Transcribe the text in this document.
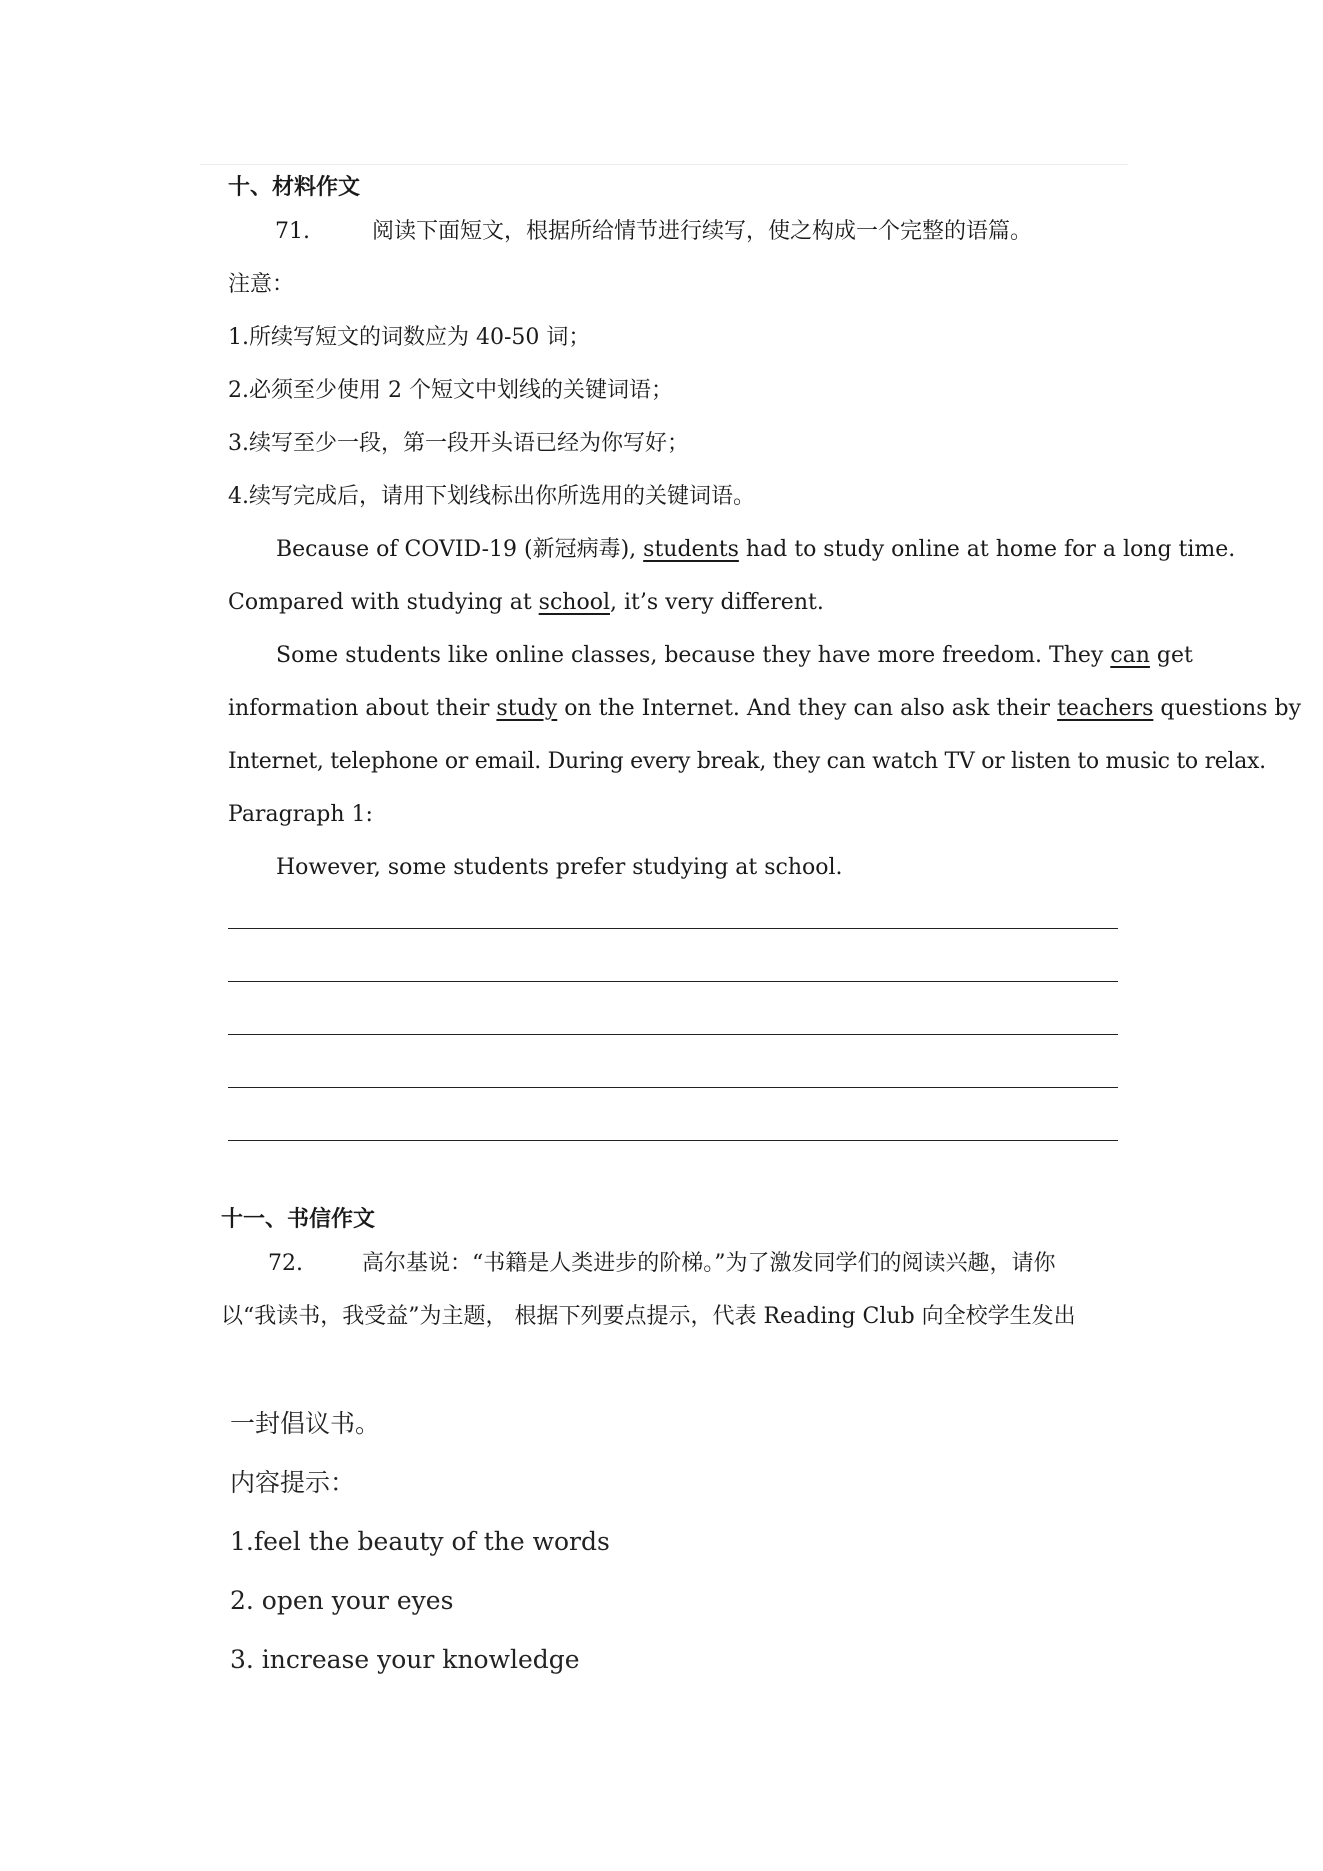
十、材料作文
71.	阅读下面短文，根据所给情节进行续写，使之构成一个完整的语篇。
注意：
1.所续写短文的词数应为 40-50 词；
2.必须至少使用 2 个短文中划线的关键词语；
3.续写至少一段，第一段开头语已经为你写好；
4.续写完成后，请用下划线标出你所选用的关键词语。
Because of COVID-19 (新冠病毒), students had to study online at home for a long time.
Compared with studying at school, it’s very different.
Some students like online classes, because they have more freedom. They can get
information about their study on the Internet. And they can also ask their teachers questions by
Internet, telephone or email. During every break, they can watch TV or listen to music to relax.
Paragraph 1:
However, some students prefer studying at school.
十一、书信作文
72.	高尔基说：“书籍是人类进步的阶梯。”为了激发同学们的阅读兴趣，请你
以“我读书，我受益”为主题， 根据下列要点提示，代表 Reading Club 向全校学生发出
一封倡议书。
内容提示：
1.feel the beauty of the words
2. open your eyes
3. increase your knowledge
